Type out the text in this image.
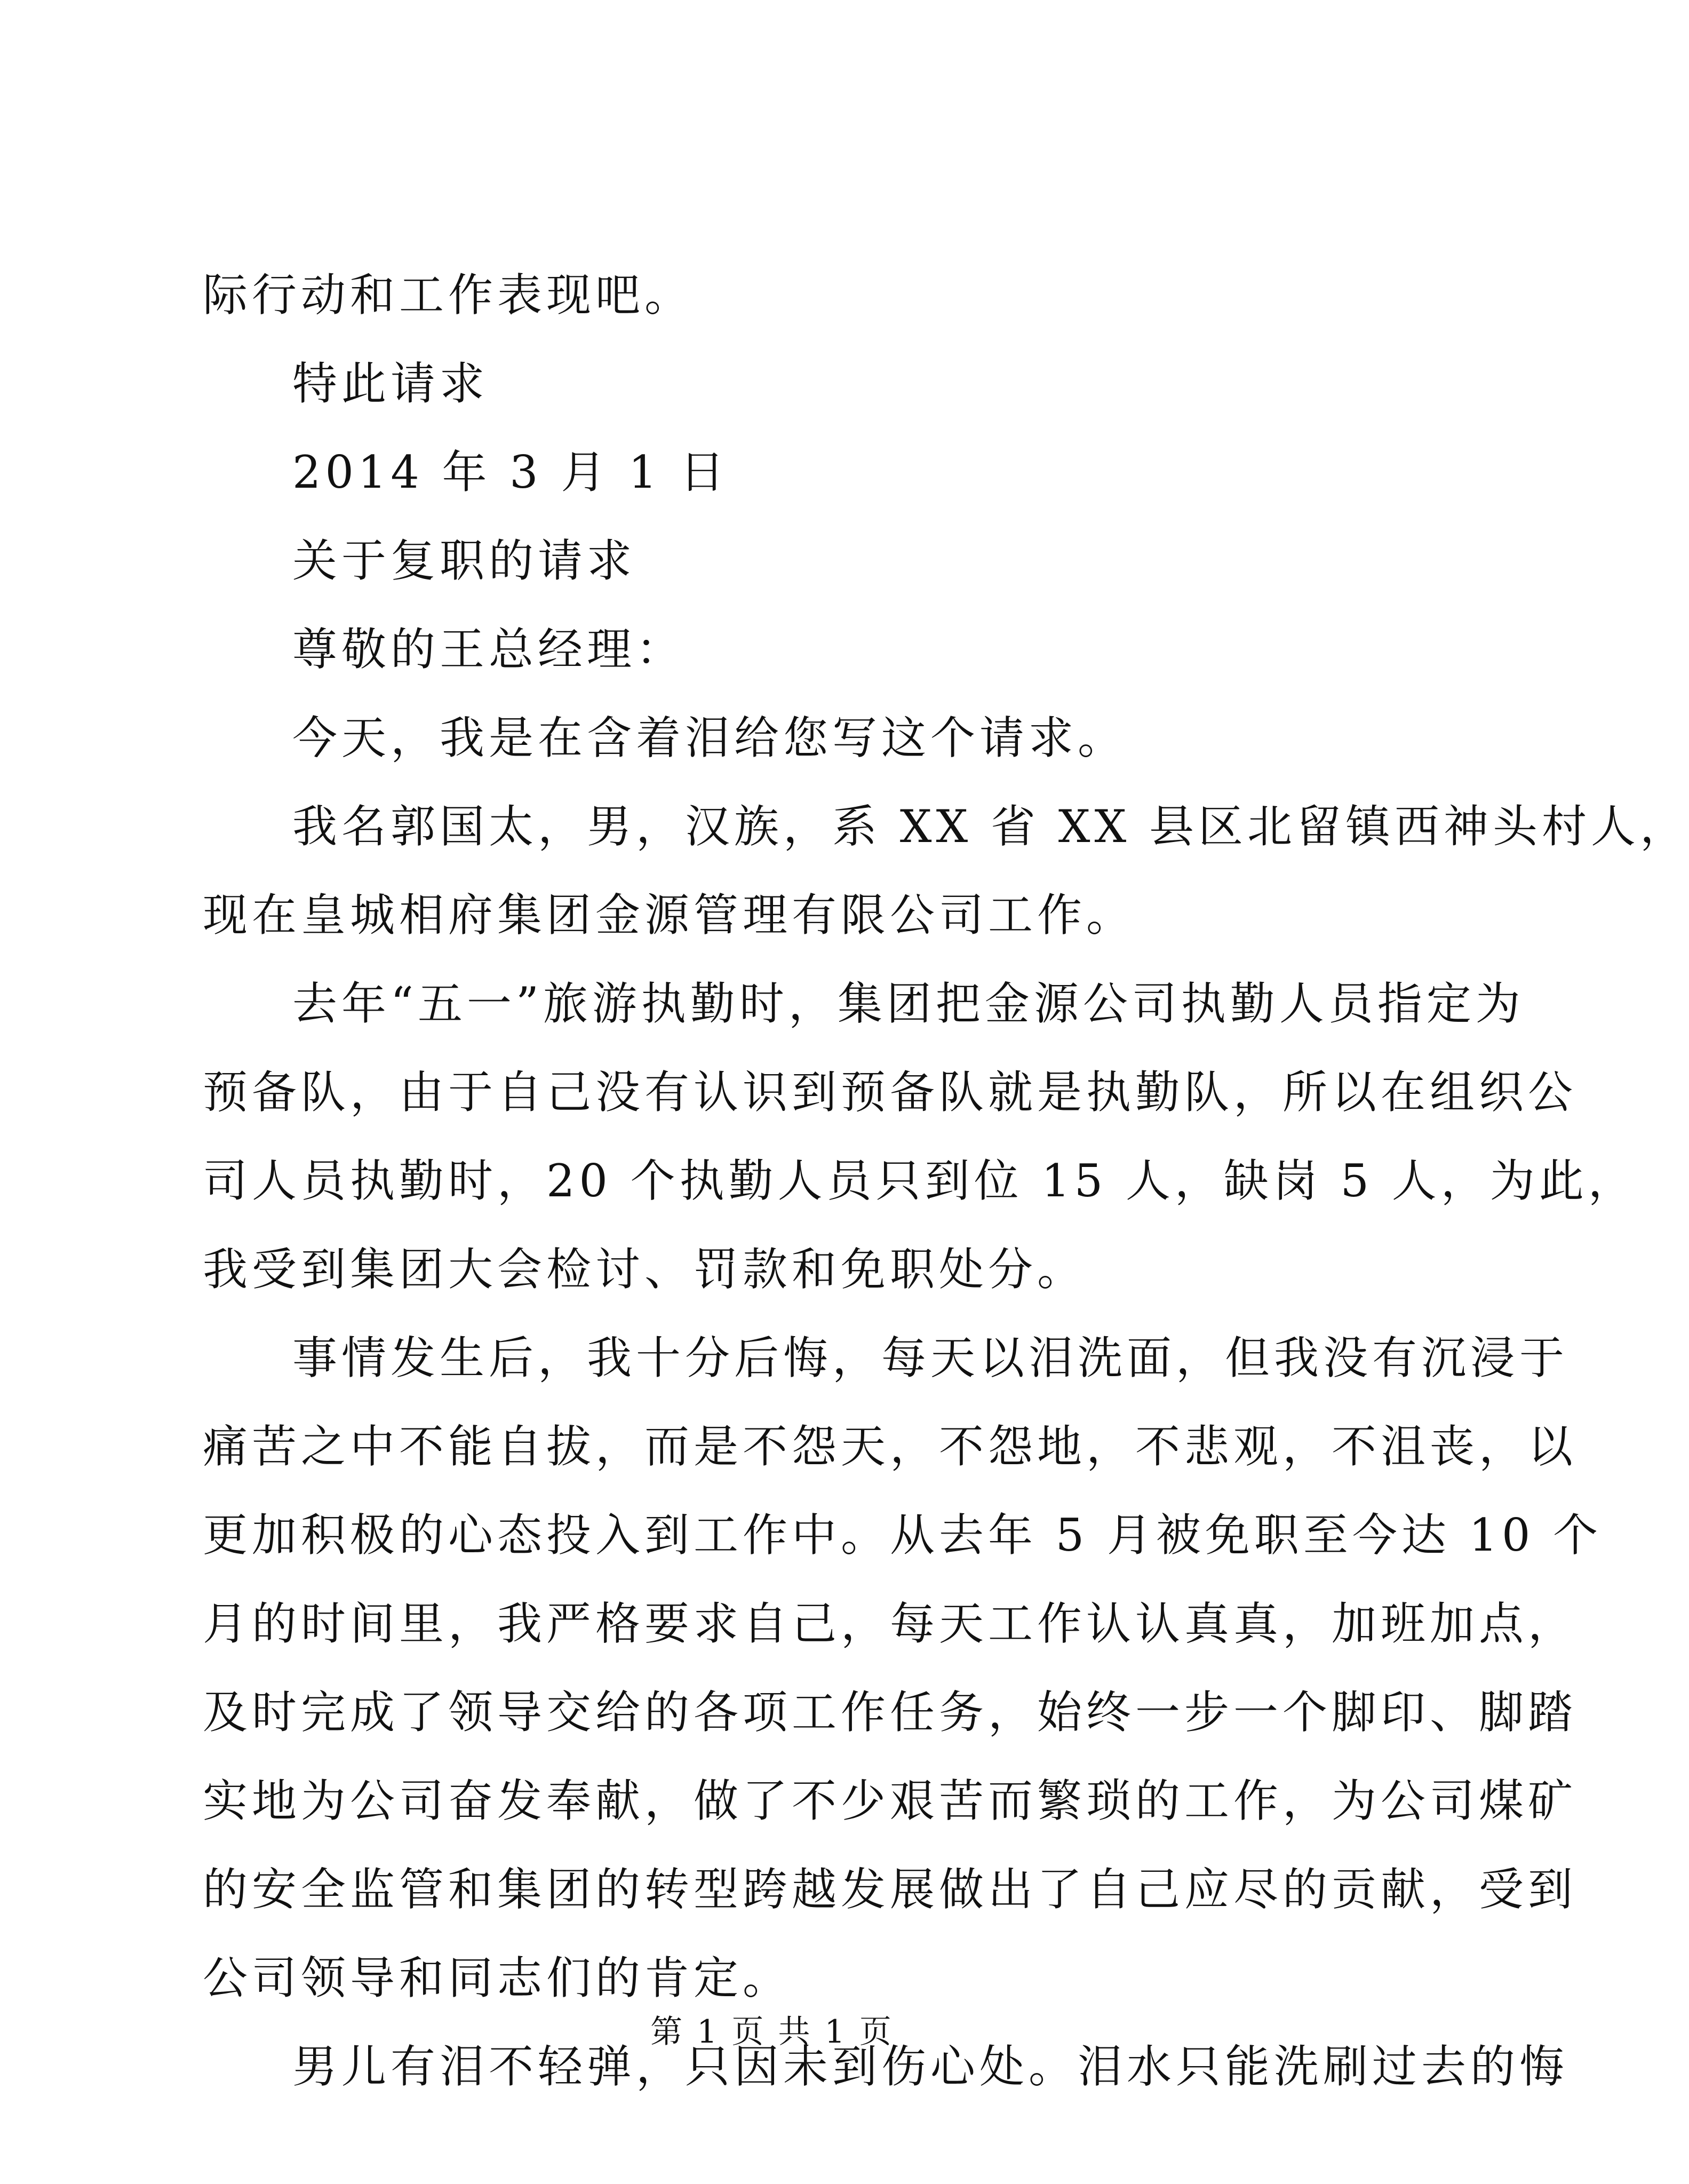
际行动和工作表现吧。
特此请求
2014 年 3 月 1 日
关于复职的请求
尊敬的王总经理：
今天，我是在含着泪给您写这个请求。
我名郭国太，男，汉族，系 XX 省 XX 县区北留镇西神头村人，
现在皇城相府集团金源管理有限公司工作。
去年“五一”旅游执勤时，集团把金源公司执勤人员指定为
预备队，由于自己没有认识到预备队就是执勤队，所以在组织公
司人员执勤时，20 个执勤人员只到位 15 人，缺岗 5 人，为此，
我受到集团大会检讨、罚款和免职处分。
事情发生后，我十分后悔，每天以泪洗面，但我没有沉浸于
痛苦之中不能自拔，而是不怨天，不怨地，不悲观，不沮丧，以
更加积极的心态投入到工作中。从去年 5 月被免职至今达 10 个
月的时间里，我严格要求自己，每天工作认认真真，加班加点，
及时完成了领导交给的各项工作任务，始终一步一个脚印、脚踏
实地为公司奋发奉献，做了不少艰苦而繁琐的工作，为公司煤矿
的安全监管和集团的转型跨越发展做出了自己应尽的贡献，受到
公司领导和同志们的肯定。
男儿有泪不轻弹，只因未到伤心处。泪水只能洗刷过去的悔
第 1 页 共 1 页
